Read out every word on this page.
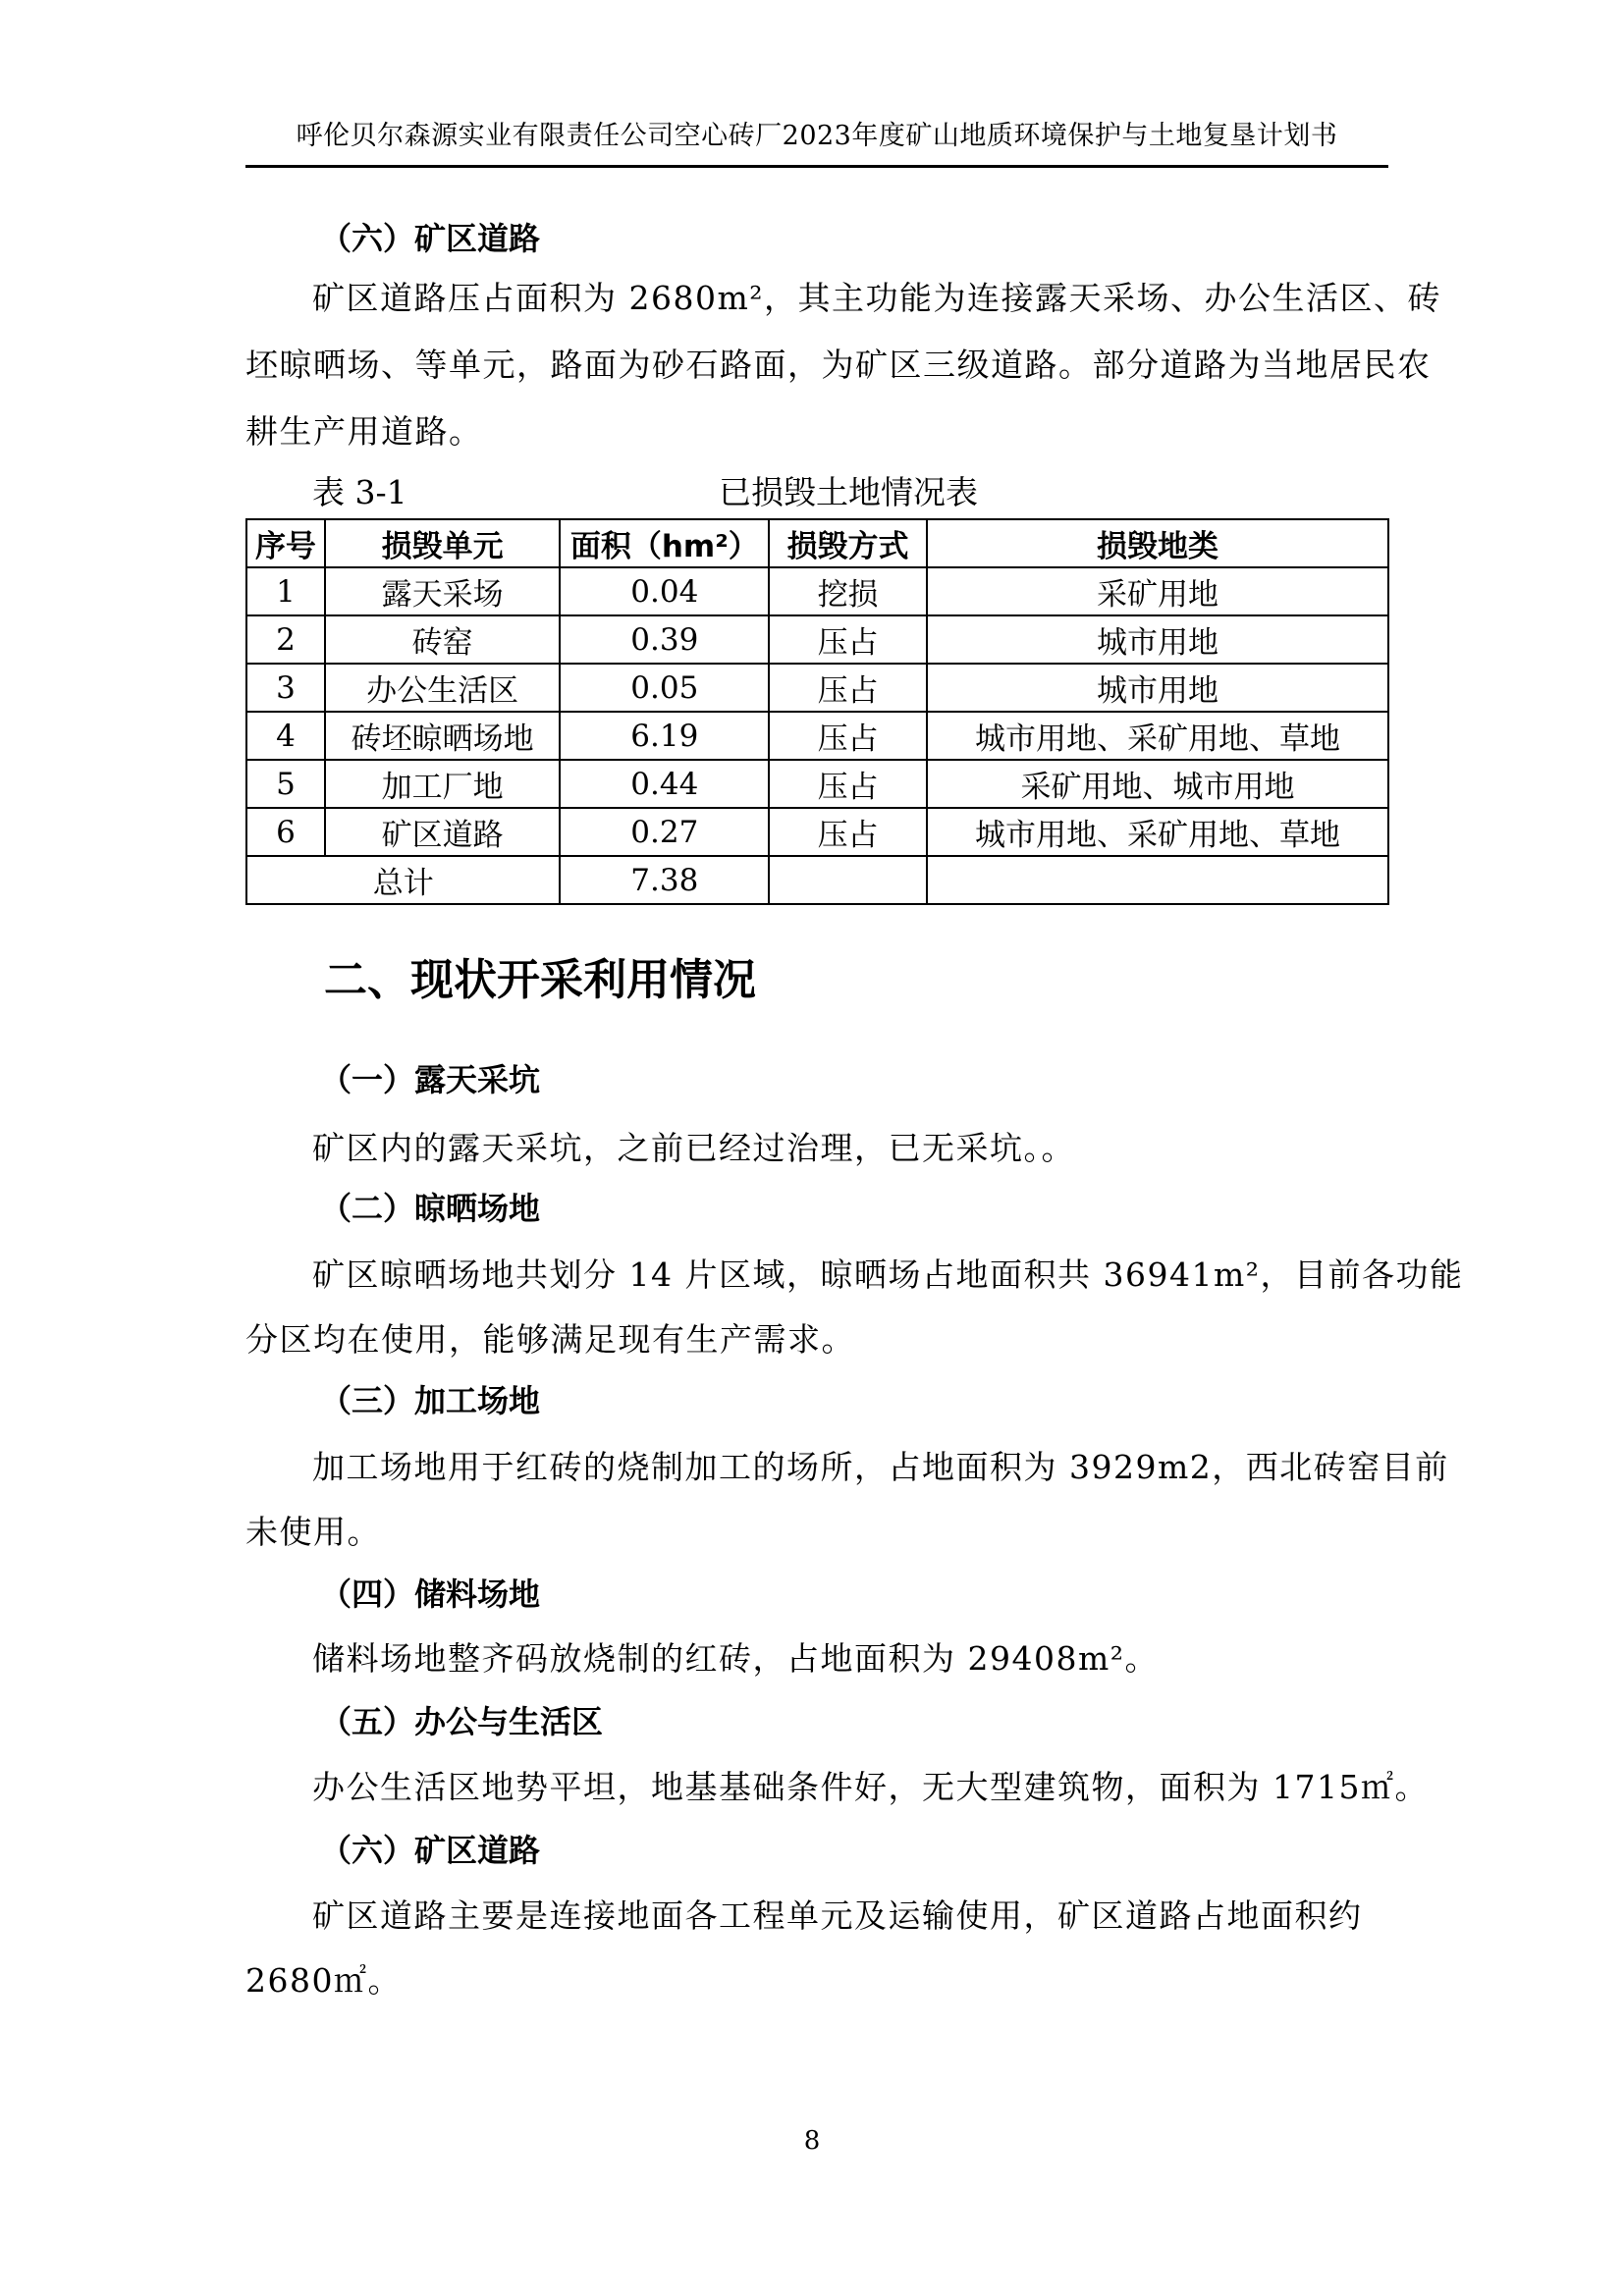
呼伦贝尔森源实业有限责任公司空心砖厂2023年度矿山地质环境保护与土地复垦计划书
（六）矿区道路
矿区道路压占面积为 2680m²，其主功能为连接露天采场、办公生活区、砖
坯晾晒场、等单元，路面为砂石路面，为矿区三级道路。部分道路为当地居民农
耕生产用道路。
表 3-1	已损毁土地情况表
序号	损毁单元	面积（hm²）	损毁方式	损毁地类
1	露天采场	0.04	挖损	采矿用地
2	砖窑	0.39	压占	城市用地
3	办公生活区	0.05	压占	城市用地
4	砖坯晾晒场地	6.19	压占	城市用地、采矿用地、草地
5	加工厂地	0.44	压占	采矿用地、城市用地
6	矿区道路	0.27	压占	城市用地、采矿用地、草地
总计		7.38		
二、现状开采利用情况
（一）露天采坑
矿区内的露天采坑，之前已经过治理，已无采坑。。
（二）晾晒场地
矿区晾晒场地共划分 14 片区域，晾晒场占地面积共 36941m²，目前各功能
分区均在使用，能够满足现有生产需求。
（三）加工场地
加工场地用于红砖的烧制加工的场所，占地面积为 3929m2，西北砖窑目前
未使用。
（四）储料场地
储料场地整齐码放烧制的红砖，占地面积为 29408m²。
（五）办公与生活区
办公生活区地势平坦，地基基础条件好，无大型建筑物，面积为 1715㎡。
（六）矿区道路
矿区道路主要是连接地面各工程单元及运输使用，矿区道路占地面积约
2680㎡。
8
